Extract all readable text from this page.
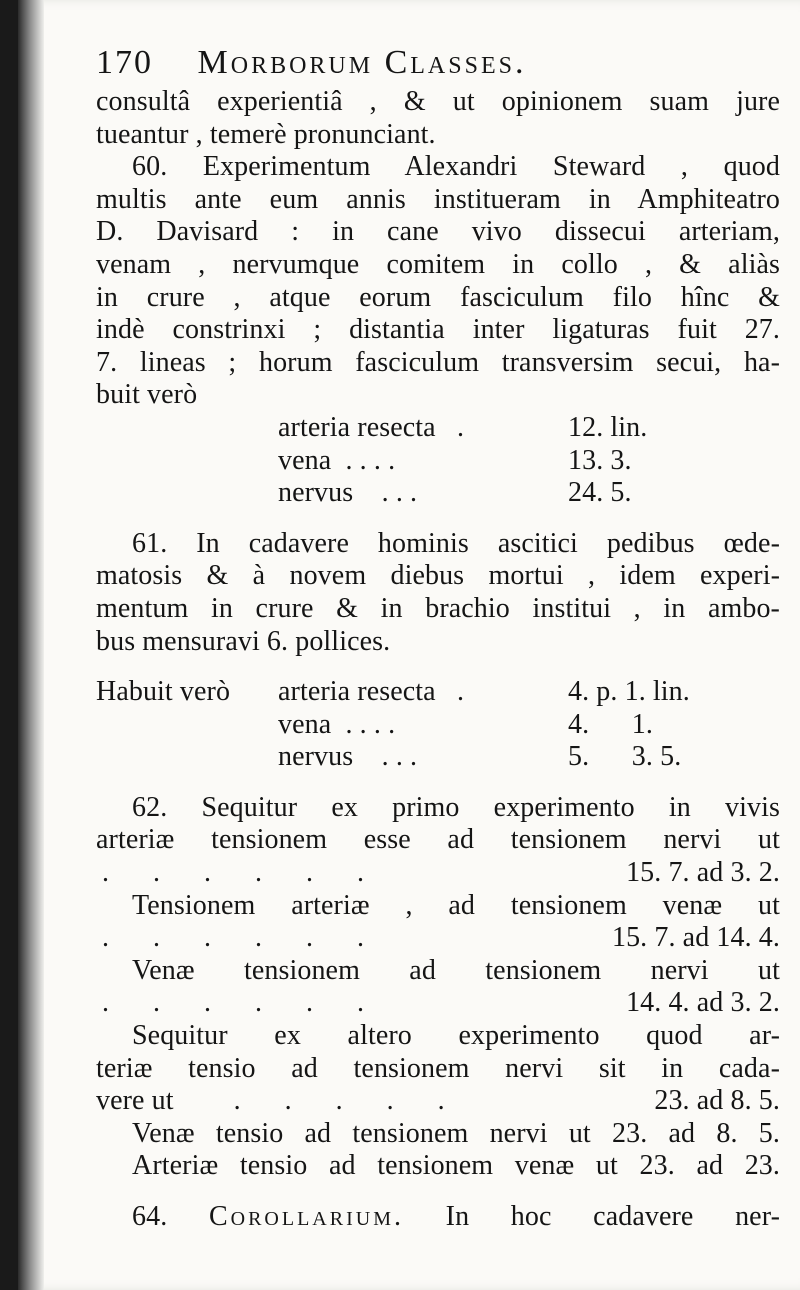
170 Morborum Classes.
consultâ experientiâ , & ut opinionem suam jure
tueantur , temerè pronunciant.
60. Experimentum Alexandri Steward , quod
multis ante eum annis institueram in Amphiteatro
D. Davisard : in cane vivo dissecui arteriam,
venam , nervumque comitem in collo , & aliàs
in crure , atque eorum fasciculum filo hînc &
indè constrinxi ; distantia inter ligaturas fuit 27.
7. lineas ; horum fasciculum transversim secui, ha-
buit verò
arteria resecta .	12. lin.
vena . . . .	13. 3.
nervus . . .	24. 5.
61. In cadavere hominis ascitici pedibus œde-
matosis & à novem diebus mortui , idem experi-
mentum in crure & in brachio institui , in ambo-
bus mensuravi 6. pollices.
Habuit verò	arteria resecta .	4. p. 1. lin.
vena . . . .	4.      1.
nervus . . .	5.      3. 5.
62. Sequitur ex primo experimento in vivis
arteriæ tensionem esse ad tensionem nervi ut
......	15. 7. ad 3. 2.
Tensionem arteriæ , ad tensionem venæ ut
......	15. 7. ad 14. 4.
Venæ tensionem ad tensionem nervi ut
......	14. 4. ad 3. 2.
Sequitur ex altero experimento quod ar-
teriæ tensio ad tensionem nervi sit in cada-
vere ut .....	23. ad 8. 5.
Venæ tensio ad tensionem nervi ut 23. ad 8. 5.
Arteriæ tensio ad tensionem venæ ut 23. ad 23.
64. Corollarium. In hoc cadavere ner-
